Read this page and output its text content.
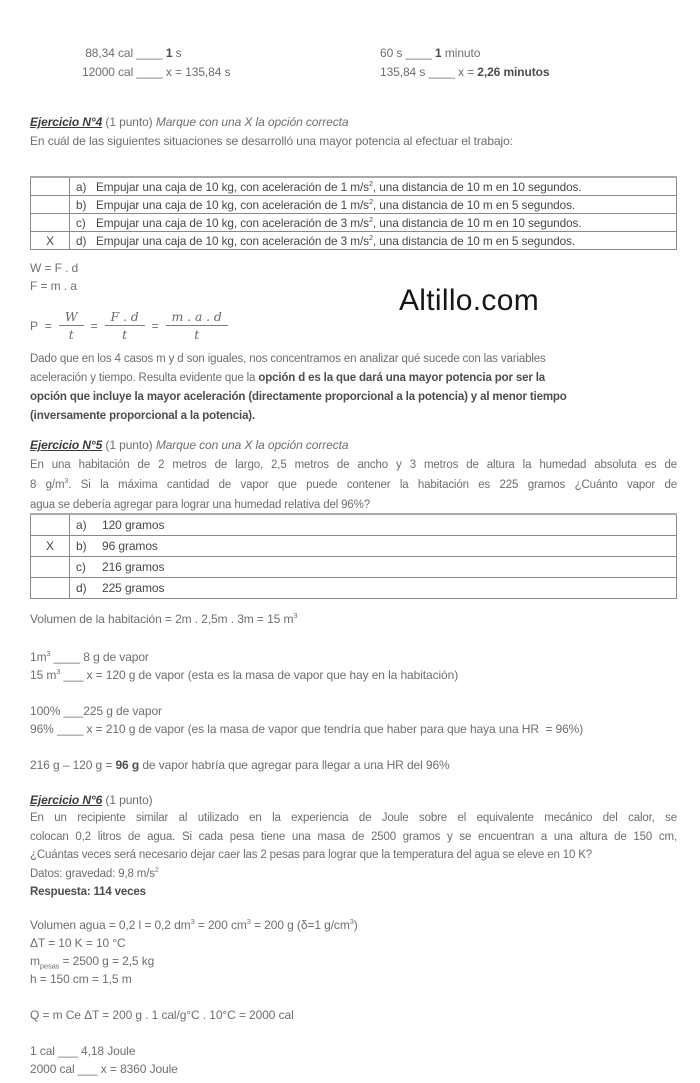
88,34 cal ____ 1 s
12000 cal ____ x = 135,84 s
60 s ____ 1 minuto
135,84 s ____ x = 2,26 minutos
Ejercicio N°4 (1 punto) Marque con una X la opción correcta
En cuál de las siguientes situaciones se desarrolló una mayor potencia al efectuar el trabajo:
	a) Empujar una caja de 10 kg, con aceleración de 1 $m/s^2$, una distancia de 10 m en 10 segundos.
	b) Empujar una caja de 10 kg, con aceleración de 1 $m/s^2$, una distancia de 10 m en 5 segundos.
	c) Empujar una caja de 10 kg, con aceleración de 3 $m/s^2$, una distancia de 10 m en 10 segundos.
X	d) Empujar una caja de 10 kg, con aceleración de 3 $m/s^2$, una distancia de 10 m en 5 segundos.
W = F . d
F = m . a	Altillo.com
$P = \frac{W}{t} = \frac{F . d}{t} = \frac{m . a . d}{t}$
Dado que en los 4 casos m y d son iguales, nos concentramos en analizar qué sucede con las variables
aceleración y tiempo. Resulta evidente que la opción d es la que dará una mayor potencia por ser la
opción que incluye la mayor aceleración (directamente proporcional a la potencia) y al menor tiempo
(inversamente proporcional a la potencia).
Ejercicio N°5 (1 punto) Marque con una X la opción correcta
En una habitación de 2 metros de largo, 2,5 metros de ancho y 3 metros de altura la humedad absoluta es de
8 $g/m^3$. Si la máxima cantidad de vapor que puede contener la habitación es 225 gramos ¿Cuánto vapor de
agua se debería agregar para lograr una humedad relativa del 96%?
	a) 120 gramos
X	b) 96 gramos
	c) 216 gramos
	d) 225 gramos
Volumen de la habitación = 2m . 2,5m . 3m = 15 $m^3$
$1m^3$ ____ 8 g de vapor
15 $m^3$ ___ x = 120 g de vapor (esta es la masa de vapor que hay en la habitación)
100% ___225 g de vapor
96% ____ x = 210 g de vapor (es la masa de vapor que tendría que haber para que haya una HR  = 96%)
216 g – 120 g = 96 g de vapor habría que agregar para llegar a una HR del 96%
Ejercicio N°6 (1 punto)
En un recipiente similar al utilizado en la experiencia de Joule sobre el equivalente mecánico del calor, se
colocan 0,2 litros de agua. Si cada pesa tiene una masa de 2500 gramos y se encuentran a una altura de 150 cm,
¿Cuántas veces será necesario dejar caer las 2 pesas para lograr que la temperatura del agua se eleve en 10 K?
Datos: gravedad: 9,8 $m/s^2$
Respuesta: 114 veces
Volumen agua = 0,2 l = 0,2 $dm^3 = 200$ $cm^3 = 200$ g (δ=1 $g/cm^3$)
ΔT = 10 K = 10 °C
$m_{pesas} = 2500$ g = 2,5 kg
h = 150 cm = 1,5 m
Q = m Ce ΔT = 200 g . 1 cal/g°C . 10°C = 2000 cal
1 cal ___ 4,18 Joule
2000 cal ___ x = 8360 Joule
